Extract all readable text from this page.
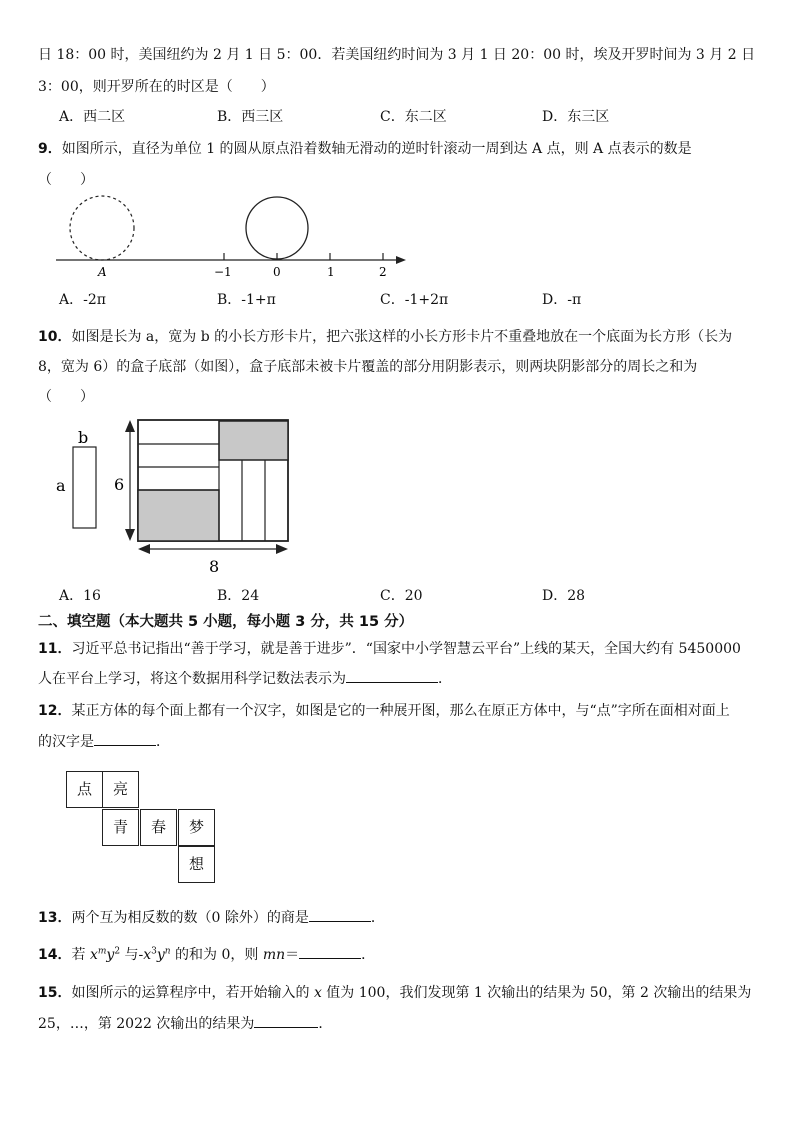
日 18：00 时，美国纽约为 2 月 1 日 5：00．若美国纽约时间为 3 月 1 日 20：00 时，埃及开罗时间为 3 月 2 日
3：00，则开罗所在的时区是（　　）
A．西二区	B．西三区	C．东二区	D．东三区
9．如图所示，直径为单位 1 的圆从原点沿着数轴无滑动的逆时针滚动一周到达 A 点，则 A 点表示的数是
（　　）
A	−1	0	1	2
A．-2π	B．-1+π	C．-1+2π	D．-π
10．如图是长为 a，宽为 b 的小长方形卡片，把六张这样的小长方形卡片不重叠地放在一个底面为长方形（长为
8，宽为 6）的盒子底部（如图），盒子底部未被卡片覆盖的部分用阴影表示，则两块阴影部分的周长之和为
（　　）
b
a	6
8
A．16	B．24	C．20	D．28
二、填空题（本大题共 5 小题，每小题 3 分，共 15 分）
11．习近平总书记指出“善于学习，就是善于进步”．“国家中小学智慧云平台”上线的某天，全国大约有 5450000
人在平台上学习，将这个数据用科学记数法表示为	．
12．某正方体的每个面上都有一个汉字，如图是它的一种展开图，那么在原正方体中，与“点”字所在面相对面上
的汉字是	．
点	亮
青	春	梦
想
13．两个互为相反数的数（0 除外）的商是	．
14．若 $x^my^2$ 与$-x^3y^n$ 的和为 0，则 mn＝	．
15．如图所示的运算程序中，若开始输入的 x 值为 100，我们发现第 1 次输出的结果为 50，第 2 次输出的结果为
25，…，第 2022 次输出的结果为	．
